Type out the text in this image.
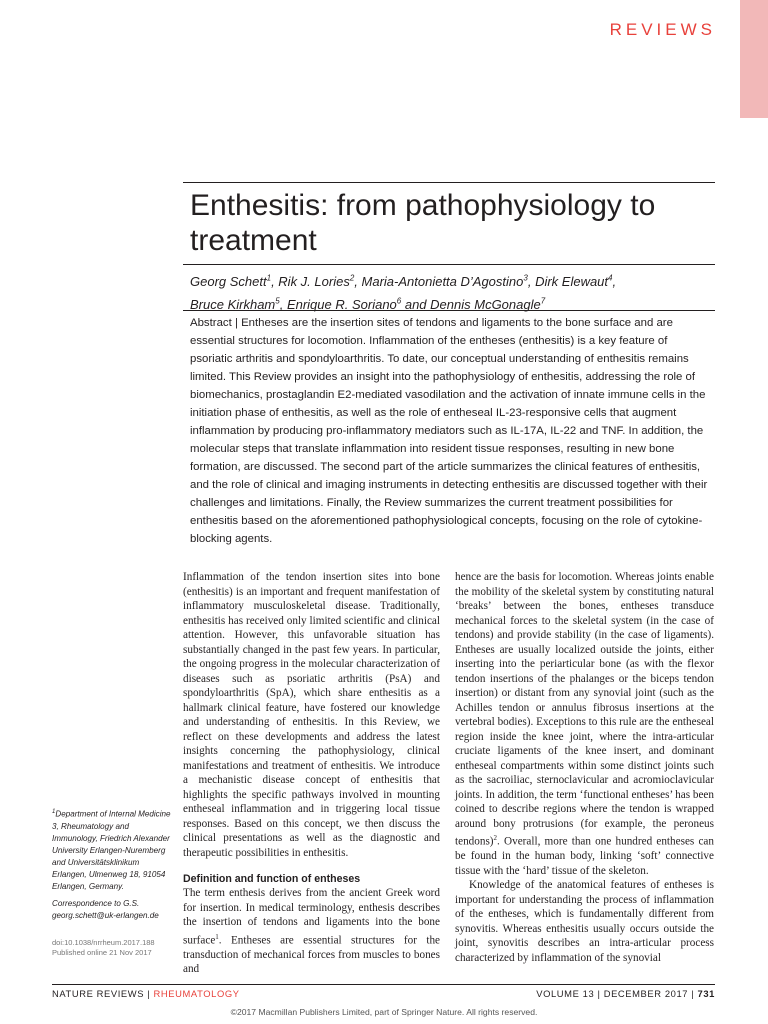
REVIEWS
Enthesitis: from pathophysiology to treatment
Georg Schett$^1$, Rik J. Lories$^2$, Maria-Antonietta D’Agostino$^3$, Dirk Elewaut$^4$,
Bruce Kirkham$^5$, Enrique R. Soriano$^6$ and Dennis McGonagle$^7$
Abstract | Entheses are the insertion sites of tendons and ligaments to the bone surface and are essential structures for locomotion. Inflammation of the entheses (enthesitis) is a key feature of psoriatic arthritis and spondyloarthritis. To date, our conceptual understanding of enthesitis remains limited. This Review provides an insight into the pathophysiology of enthesitis, addressing the role of biomechanics, prostaglandin E2-mediated vasodilation and the activation of innate immune cells in the initiation phase of enthesitis, as well as the role of entheseal IL-23-responsive cells that augment inflammation by producing pro-inflammatory mediators such as IL-17A, IL-22 and TNF. In addition, the molecular steps that translate inflammation into resident tissue responses, resulting in new bone formation, are discussed. The second part of the article summarizes the clinical features of enthesitis, and the role of clinical and imaging instruments in detecting enthesitis are discussed together with their challenges and limitations. Finally, the Review summarizes the current treatment possibilities for enthesitis based on the aforementioned pathophysiological concepts, focusing on the role of cytokine-blocking agents.

Inflammation of the tendon insertion sites into bone (enthesitis) is an important and frequent manifestation of inflammatory musculoskeletal disease. Traditionally, enthesitis has received only limited scientific and clinical attention. However, this unfavorable situation has substantially changed in the past few years. In particular, the ongoing progress in the molecular characterization of diseases such as psoriatic arthritis (PsA) and spondyloarthritis (SpA), which share enthesitis as a hallmark clinical feature, have fostered our knowledge and understanding of enthesitis. In this Review, we reflect on these developments and address the latest insights concerning the pathophysiology, clinical manifestations and treatment of enthesitis. We introduce a mechanistic disease concept of enthesitis that highlights the specific pathways involved in mounting entheseal inflammation and in triggering local tissue responses. Based on this concept, we then discuss the clinical presentations as well as the diagnostic and therapeutic possibilities in enthesitis.

Definition and function of entheses

The term enthesis derives from the ancient Greek word for insertion. In medical terminology, enthesis describes the insertion of tendons and ligaments into the bone surface$^1$. Entheses are essential structures for the transduction of mechanical forces from muscles to bones and

hence are the basis for locomotion. Whereas joints enable the mobility of the skeletal system by constituting natural ‘breaks’ between the bones, entheses transduce mechanical forces to the skeletal system (in the case of tendons) and provide stability (in the case of ligaments). Entheses are usually localized outside the joints, either inserting into the periarticular bone (as with the flexor tendon insertions of the phalanges or the biceps tendon insertion) or distant from any synovial joint (such as the Achilles tendon or annulus fibrosus insertions at the vertebral bodies). Exceptions to this rule are the entheseal region inside the knee joint, where the intra-articular cruciate ligaments of the knee insert, and dominant entheseal compartments within some distinct joints such as the sacroiliac, sternoclavicular and acromioclavicular joints. In addition, the term ‘functional entheses’ has been coined to describe regions where the tendon is wrapped around bony protrusions (for example, the peroneus tendons)$^2$. Overall, more than one hundred entheses can be found in the human body, linking ‘soft’ connective tissue with the ‘hard’ tissue of the skeleton.

Knowledge of the anatomical features of entheses is important for understanding the process of inflammation of the entheses, which is fundamentally different from synovitis. Whereas enthesitis usually occurs outside the joint, synovitis describes an intra-articular process characterized by inflammation of the synovial

$^1$Department of Internal Medicine 3, Rheumatology and Immunology, Friedrich Alexander University Erlangen-Nuremberg and Universitätsklinikum Erlangen, Ulmenweg 18, 91054 Erlangen, Germany.

Correspondence to G.S. georg.schett@uk-erlangen.de

doi:10.1038/nrrheum.2017.188
Published online 21 Nov 2017
NATURE REVIEWS | RHEUMATOLOGY	VOLUME 13 | DECEMBER 2017 | 731
©2017 Macmillan Publishers Limited, part of Springer Nature. All rights reserved.
